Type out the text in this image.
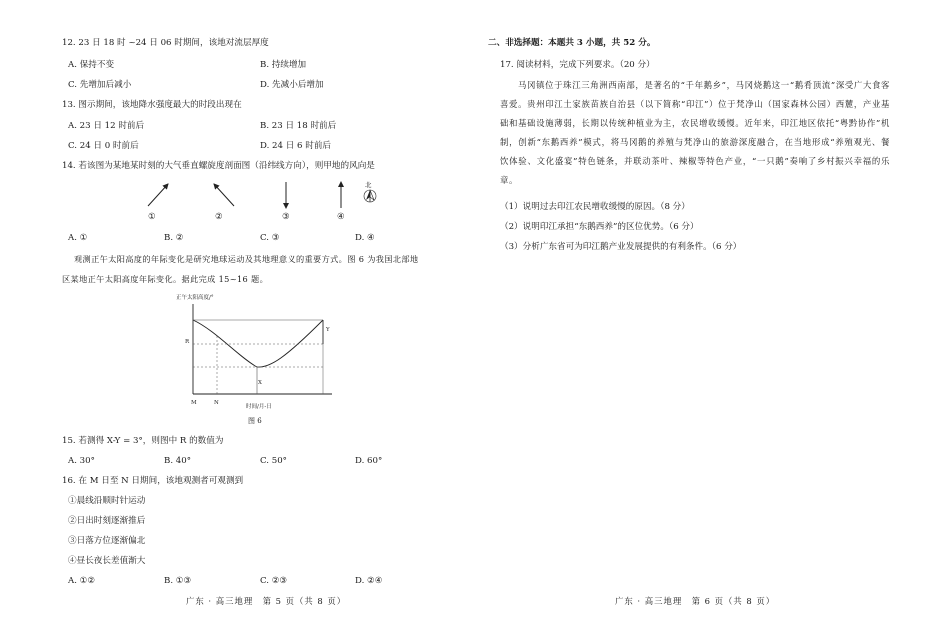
12. 23 日 18 时 ~24 日 06 时期间，该地对流层厚度
A. 保持不变	B. 持续增加
C. 先增加后减小	D. 先减小后增加
13. 图示期间，该地降水强度最大的时段出现在
A. 23 日 12 时前后	B. 23 日 18 时前后
C. 24 日 0 时前后	D. 24 日 6 时前后
14. 若该图为某地某时刻的大气垂直螺旋度剖面图（沿纬线方向），则甲地的风向是
北
①	②	③	④
A. ①	B. ②	C. ③	D. ④
观测正午太阳高度的年际变化是研究地球运动及其地理意义的重要方式。图 6 为我国北部地
区某地正午太阳高度年际变化。据此完成 15~16 题。
正午太阳高度/°
R
Y
X
M	N
时间/月-日
图 6
15. 若测得 X-Y = 3°，则图中 R 的数值为
A. 30°	B. 40°	C. 50°	D. 60°
16. 在 M 日至 N 日期间，该地观测者可观测到
①晨线沿顺时针运动
②日出时刻逐渐推后
③日落方位逐渐偏北
④昼长夜长差值渐大
A. ①②	B. ①③	C. ②③	D. ②④
广东 · 高三地理　第 5 页（共 8 页）
二、非选择题：本题共 3 小题，共 52 分。
17. 阅读材料，完成下列要求。（20 分）
马冈镇位于珠江三角洲西南部，是著名的“千年鹅乡”，马冈烧鹅这一“鹅肴顶流”深受广大食客喜爱。贵州印江土家族苗族自治县（以下简称“印江”）位于梵净山（国家森林公园）西麓，产业基础和基础设施薄弱，长期以传统种植业为主，农民增收缓慢。近年来，印江地区依托“粤黔协作”机制，创新“东鹅西养”模式，将马冈鹅的养殖与梵净山的旅游深度融合，在当地形成“养殖观光、餐饮体验、文化盛宴”特色链条，并联动茶叶、辣椒等特色产业，“一只鹅”奏响了乡村振兴幸福的乐章。
（1）说明过去印江农民增收缓慢的原因。（8 分）
（2）说明印江承担“东鹅西养”的区位优势。（6 分）
（3）分析广东省可为印江鹅产业发展提供的有利条件。（6 分）
广东 · 高三地理　第 6 页（共 8 页）
